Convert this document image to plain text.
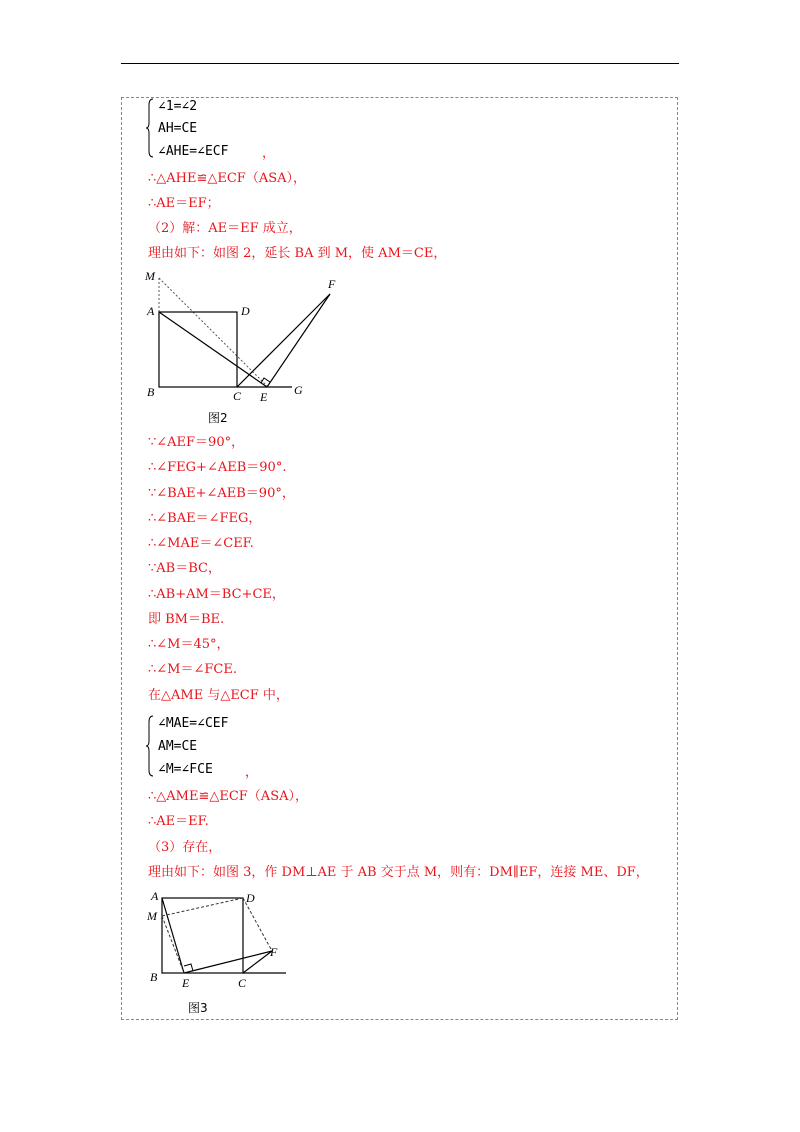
∠1=∠2
AH=CE
∠AHE=∠ECF	，
∴△AHE≌△ECF（ASA），
∴AE＝EF；
（2）解：AE＝EF 成立，
理由如下：如图 2，延长 BA 到 M，使 AM＝CE，
M
A	D
F
B	C E G
图2
∵∠AEF＝90°，
∴∠FEG+∠AEB＝90°.
∵∠BAE+∠AEB＝90°，
∴∠BAE＝∠FEG，
∴∠MAE＝∠CEF.
∵AB＝BC，
∴AB+AM＝BC+CE，
即 BM＝BE.
∴∠M＝45°，
∴∠M＝∠FCE.
在△AME 与△ECF 中，
∠MAE=∠CEF
AM=CE
∠M=∠FCE ，
∴△AME≌△ECF（ASA），
∴AE＝EF.
（3）存在，
理由如下：如图 3，作 DM⊥AE 于 AB 交于点 M，则有：DM∥EF，连接 ME、DF，
A	D
M
F
B E	C
图3
